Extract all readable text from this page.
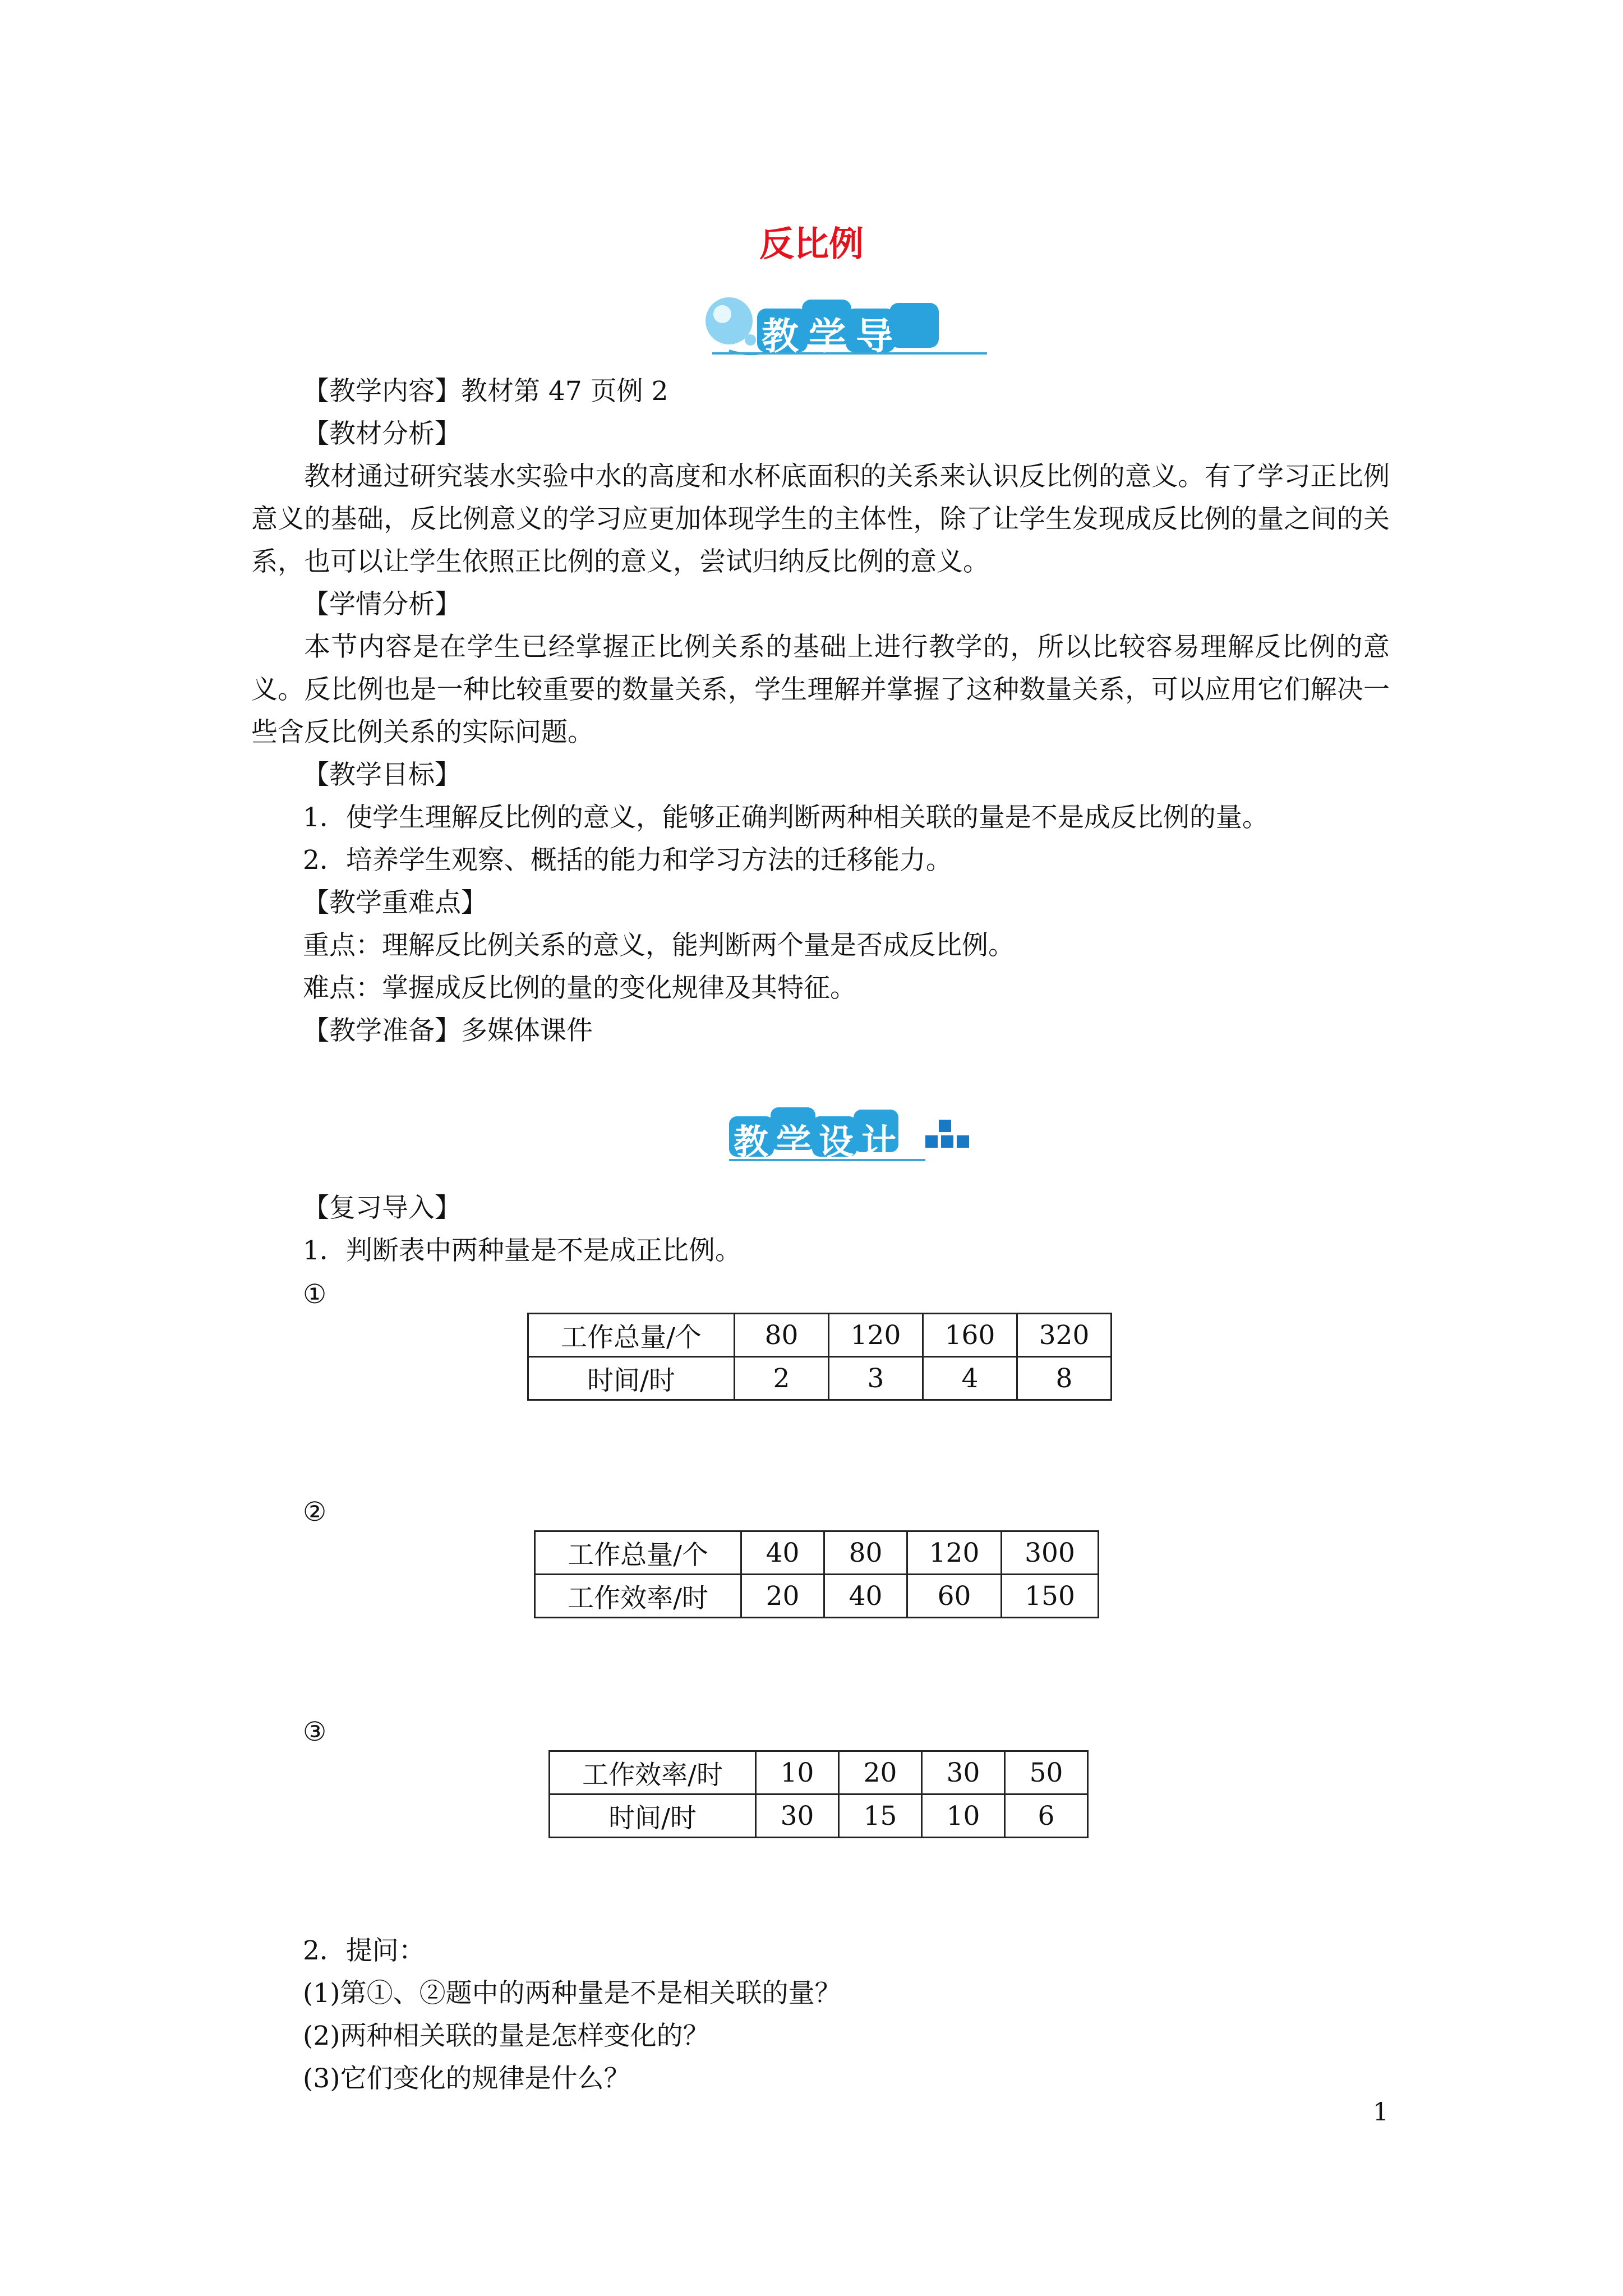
反比例
教学导航
【教学内容】教材第 47 页例 2
【教材分析】
教材通过研究装水实验中水的高度和水杯底面积的关系来认识反比例的意义。有了学习正比例意义的基础，反比例意义的学习应更加体现学生的主体性，除了让学生发现成反比例的量之间的关系，也可以让学生依照正比例的意义，尝试归纳反比例的意义。
【学情分析】
本节内容是在学生已经掌握正比例关系的基础上进行教学的，所以比较容易理解反比例的意义。反比例也是一种比较重要的数量关系，学生理解并掌握了这种数量关系，可以应用它们解决一些含反比例关系的实际问题。
【教学目标】
1．使学生理解反比例的意义，能够正确判断两种相关联的量是不是成反比例的量。
2．培养学生观察、概括的能力和学习方法的迁移能力。
【教学重难点】
重点：理解反比例关系的意义，能判断两个量是否成反比例。
难点：掌握成反比例的量的变化规律及其特征。
【教学准备】多媒体课件
教学设计
【复习导入】
1．判断表中两种量是不是成正比例。
①
工作总量/个	80	120	160	320
时间/时	2	3	4	8
②
工作总量/个	40	80	120	300
工作效率/时	20	40	60	150
③
工作效率/时	10	20	30	50
时间/时	30	15	10	6
2．提问：
(1)第①、②题中的两种量是不是相关联的量？
(2)两种相关联的量是怎样变化的？
(3)它们变化的规律是什么？
1
